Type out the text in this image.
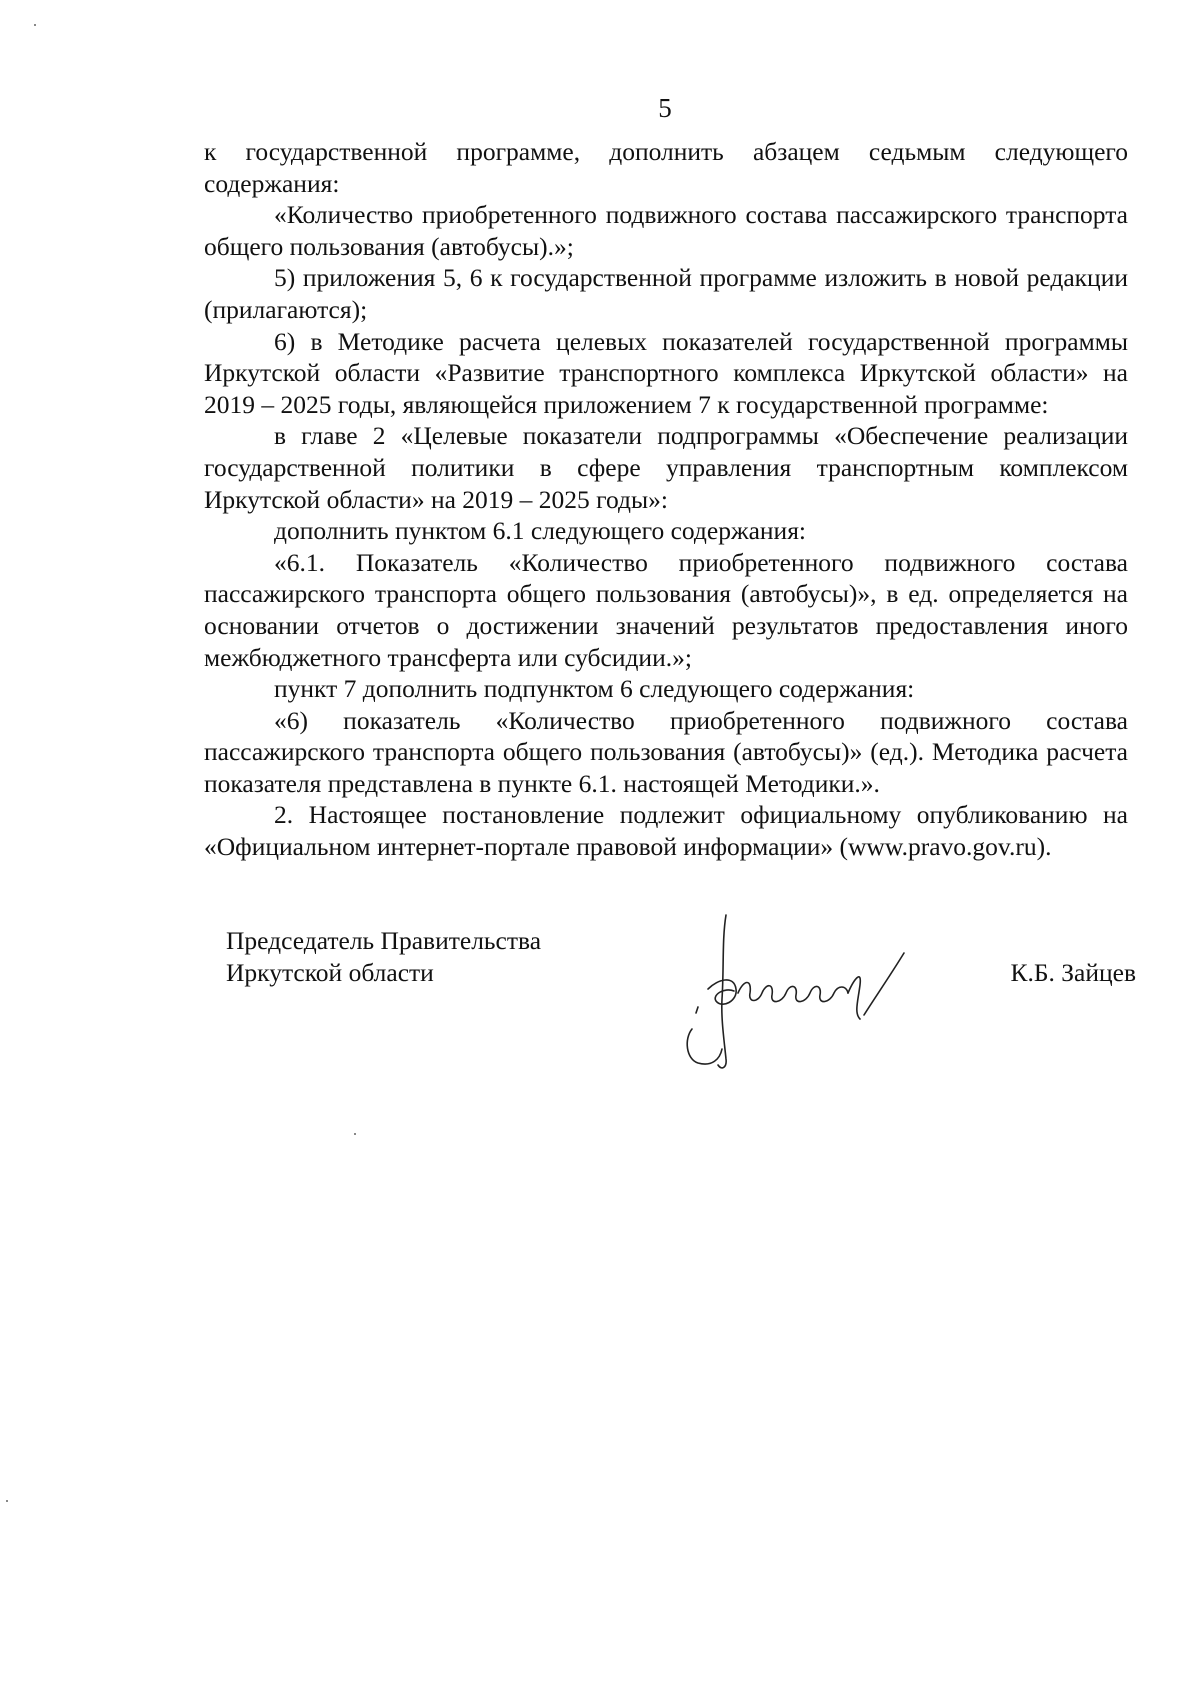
5

к государственной программе, дополнить абзацем седьмым следующего содержания:

«Количество приобретенного подвижного состава пассажирского транспорта общего пользования (автобусы).»;

5) приложения 5, 6 к государственной программе изложить в новой редакции (прилагаются);

6) в Методике расчета целевых показателей государственной программы Иркутской области «Развитие транспортного комплекса Иркутской области» на 2019 – 2025 годы, являющейся приложением 7 к государственной программе:

в главе 2 «Целевые показатели подпрограммы «Обеспечение реализации государственной политики в сфере управления транспортным комплексом Иркутской области» на 2019 – 2025 годы»:

дополнить пунктом 6.1 следующего содержания:

«6.1. Показатель «Количество приобретенного подвижного состава пассажирского транспорта общего пользования (автобусы)», в ед. определяется на основании отчетов о достижении значений результатов предоставления иного межбюджетного трансферта или субсидии.»;

пункт 7 дополнить подпунктом 6 следующего содержания:

«6) показатель «Количество приобретенного подвижного состава пассажирского транспорта общего пользования (автобусы)» (ед.). Методика расчета показателя представлена в пункте 6.1. настоящей Методики.».

2. Настоящее постановление подлежит официальному опубликованию на «Официальном интернет-портале правовой информации» (www.pravo.gov.ru).

Председатель Правительства
Иркутской области	К.Б. Зайцев
